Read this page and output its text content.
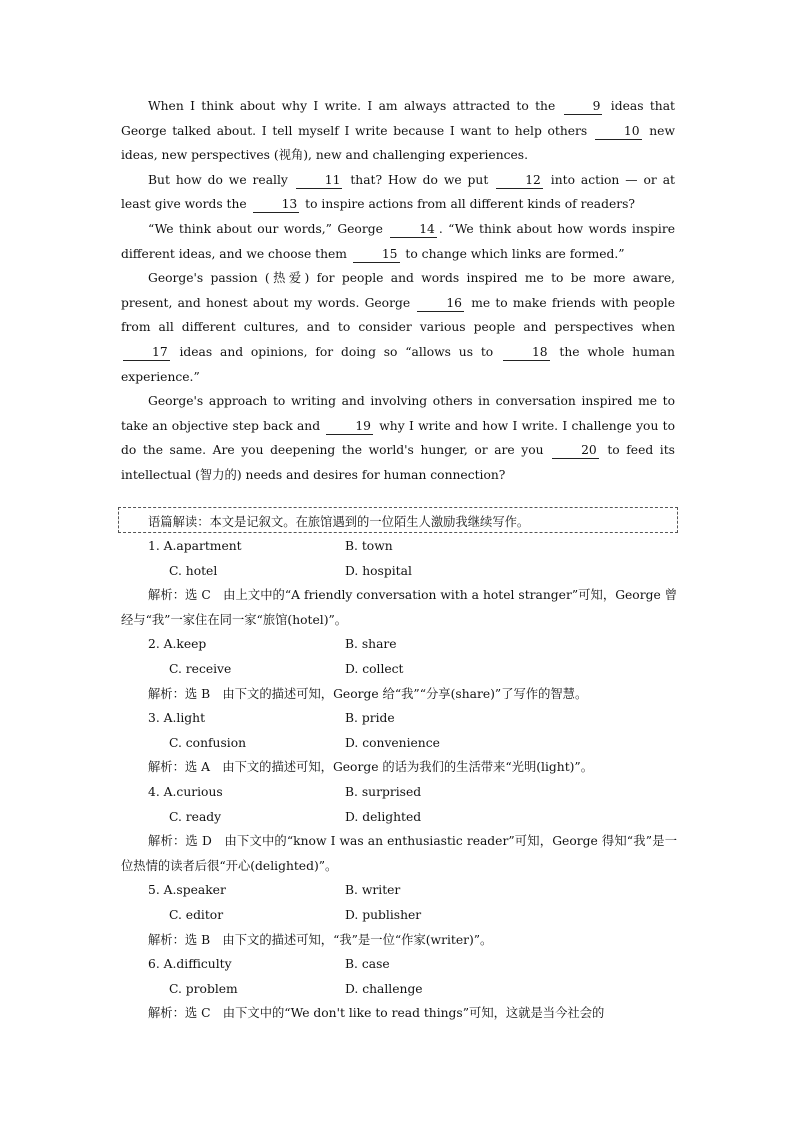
When I think about why I write. I am always attracted to the	9 ideas that George talked about. I tell myself I write because I want to help others	10 new ideas, new perspectives (视角), new and challenging experiences.

But how do we really	11 that? How do we put	12 into action — or at least give words the	13 to inspire actions from all different kinds of readers?

“We think about our words,” George	14 . “We think about how words inspire different ideas, and we choose them	15 to change which links are formed.”

George's passion (热爱) for people and words inspired me to be more aware, present, and honest about my words. George	16 me to make friends with people from all different cultures, and to consider various people and perspectives when 17 ideas and opinions, for doing so “allows us to	18 the whole human experience.”

George's approach to writing and involving others in conversation inspired me to take an objective step back and	19 why I write and how I write. I challenge you to do the same. Are you deepening the world's hunger, or are you	20 to feed its intellectual (智力的) needs and desires for human connection?

语篇解读：本文是记叙文。在旅馆遇到的一位陌生人激励我继续写作。
1. A.apartment	B. town
C. hotel	D. hospital

解析：选 C　由上文中的“A friendly conversation with a hotel stranger”可知，George 曾经与“我”一家住在同一家“旅馆(hotel)”。

2. A.keep	B. share
C. receive	D. collect

解析：选 B　由下文的描述可知，George 给“我”“分享(share)”了写作的智慧。

3. A.light	B. pride
C. confusion	D. convenience

解析：选 A　由下文的描述可知，George 的话为我们的生活带来“光明(light)”。

4. A.curious	B. surprised
C. ready	D. delighted

解析：选 D　由下文中的“know I was an enthusiastic reader”可知，George 得知“我”是一位热情的读者后很“开心(delighted)”。

5. A.speaker	B. writer
C. editor	D. publisher

解析：选 B　由下文的描述可知，“我”是一位“作家(writer)”。

6. A.difficulty	B. case
C. problem	D. challenge

解析：选 C　由下文中的“We don't like to read things”可知，这就是当今社会的
